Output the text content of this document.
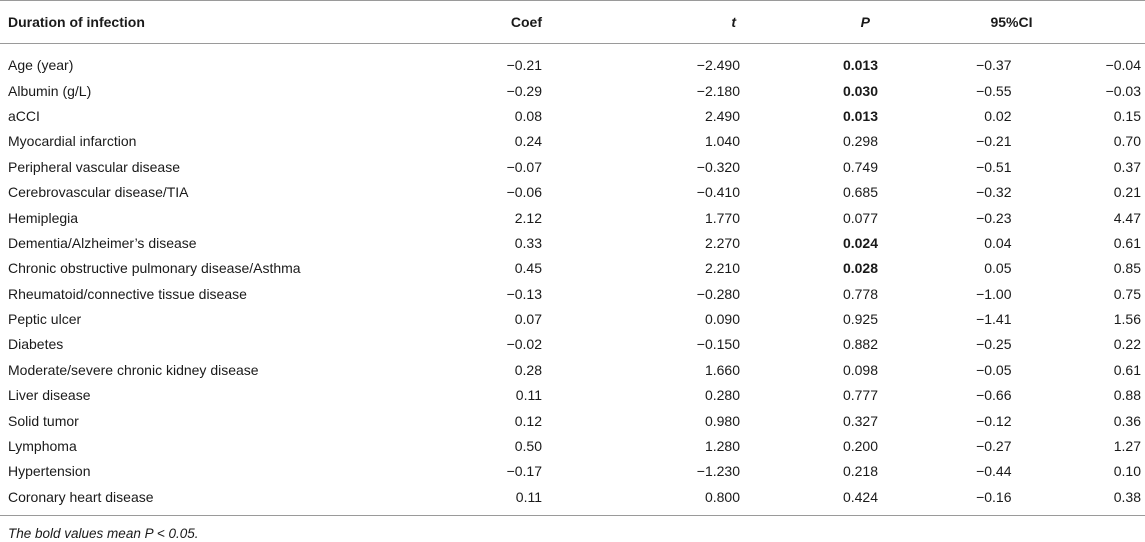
Duration of infection	Coef	t	P	95%CI	
Age (year)	−0.21	−2.490	0.013	−0.37	−0.04
Albumin (g/L)	−0.29	−2.180	0.030	−0.55	−0.03
aCCI	0.08	2.490	0.013	0.02	0.15
Myocardial infarction	0.24	1.040	0.298	−0.21	0.70
Peripheral vascular disease	−0.07	−0.320	0.749	−0.51	0.37
Cerebrovascular disease/TIA	−0.06	−0.410	0.685	−0.32	0.21
Hemiplegia	2.12	1.770	0.077	−0.23	4.47
Dementia/Alzheimer’s disease	0.33	2.270	0.024	0.04	0.61
Chronic obstructive pulmonary disease/Asthma	0.45	2.210	0.028	0.05	0.85
Rheumatoid/connective tissue disease	−0.13	−0.280	0.778	−1.00	0.75
Peptic ulcer	0.07	0.090	0.925	−1.41	1.56
Diabetes	−0.02	−0.150	0.882	−0.25	0.22
Moderate/severe chronic kidney disease	0.28	1.660	0.098	−0.05	0.61
Liver disease	0.11	0.280	0.777	−0.66	0.88
Solid tumor	0.12	0.980	0.327	−0.12	0.36
Lymphoma	0.50	1.280	0.200	−0.27	1.27
Hypertension	−0.17	−1.230	0.218	−0.44	0.10
Coronary heart disease	0.11	0.800	0.424	−0.16	0.38
The bold values mean P < 0.05.
